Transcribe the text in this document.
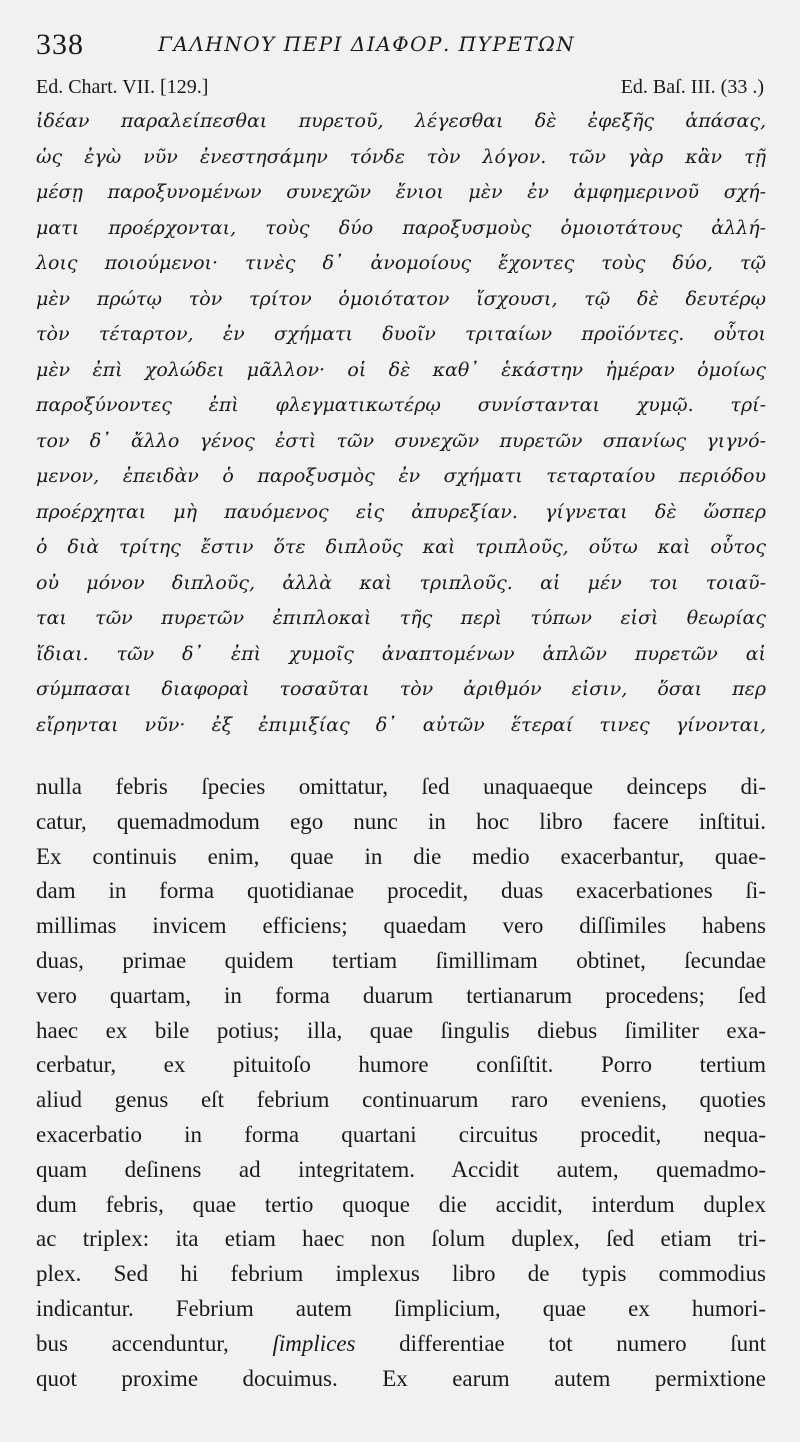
338	ΓΑΛΗΝΟΥ ΠΕΡΙ ΔΙΑΦΟΡ. ΠΥΡΕΤΩΝ
Ed. Chart. VII. [129.]	Ed. Baſ. III. (33 .)
ἰδέαν παραλείπεσθαι πυρετοῦ, λέγεσθαι δὲ ἐφεξῆς ἁπάσας,
ὡς ἐγὼ νῦν ἐνεστησάμην τόνδε τὸν λόγον. τῶν γὰρ κἂν τῇ
μέσῃ παροξυνομένων συνεχῶν ἔνιοι μὲν ἐν ἀμφημερινοῦ σχή-
ματι προέρχονται, τοὺς δύο παροξυσμοὺς ὁμοιοτάτους ἀλλή-
λοις ποιούμενοι· τινὲς δ᾽ ἀνομοίους ἔχοντες τοὺς δύο, τῷ
μὲν πρώτῳ τὸν τρίτον ὁμοιότατον ἴσχουσι, τῷ δὲ δευτέρῳ
τὸν τέταρτον, ἐν σχήματι δυοῖν τριταίων προϊόντες. οὗτοι
μὲν ἐπὶ χολώδει μᾶλλον· οἱ δὲ καθ᾽ ἑκάστην ἡμέραν ὁμοίως
παροξύνοντες ἐπὶ φλεγματικωτέρῳ συνίστανται χυμῷ. τρί-
τον δ᾽ ἄλλο γένος ἐστὶ τῶν συνεχῶν πυρετῶν σπανίως γιγνό-
μενον, ἐπειδὰν ὁ παροξυσμὸς ἐν σχήματι τεταρταίου περιόδου
προέρχηται μὴ παυόμενος εἰς ἀπυρεξίαν. γίγνεται δὲ ὥσπερ
ὁ διὰ τρίτης ἔστιν ὅτε διπλοῦς καὶ τριπλοῦς, οὕτω καὶ οὗτος
οὐ μόνον διπλοῦς, ἀλλὰ καὶ τριπλοῦς. αἱ μέν τοι τοιαῦ-
ται τῶν πυρετῶν ἐπιπλοκαὶ τῆς περὶ τύπων εἰσὶ θεωρίας
ἴδιαι. τῶν δ᾽ ἐπὶ χυμοῖς ἀναπτομένων ἁπλῶν πυρετῶν αἱ
σύμπασαι διαφοραὶ τοσαῦται τὸν ἀριθμόν εἰσιν, ὅσαι περ
εἴρηνται νῦν· ἐξ ἐπιμιξίας δ᾽ αὐτῶν ἕτεραί τινες γίνονται,
nulla febris ſpecies omittatur, ſed unaquaeque deinceps di-
catur, quemadmodum ego nunc in hoc libro facere inſtitui.
Ex continuis enim, quae in die medio exacerbantur, quae-
dam in forma quotidianae procedit, duas exacerbationes ſi-
millimas invicem efficiens; quaedam vero diſſimiles habens
duas, primae quidem tertiam ſimillimam obtinet, ſecundae
vero quartam, in forma duarum tertianarum procedens; ſed
haec ex bile potius; illa, quae ſingulis diebus ſimiliter exa-
cerbatur, ex pituitoſo humore conſiſtit. Porro tertium
aliud genus eſt febrium continuarum raro eveniens, quoties
exacerbatio in forma quartani circuitus procedit, nequa-
quam deſinens ad integritatem. Accidit autem, quemadmo-
dum febris, quae tertio quoque die accidit, interdum duplex
ac triplex: ita etiam haec non ſolum duplex, ſed etiam tri-
plex. Sed hi febrium implexus libro de typis commodius
indicantur. Febrium autem ſimplicium, quae ex humori-
bus accenduntur, ſimplices differentiae tot numero ſunt
quot proxime docuimus. Ex earum autem permixtione
